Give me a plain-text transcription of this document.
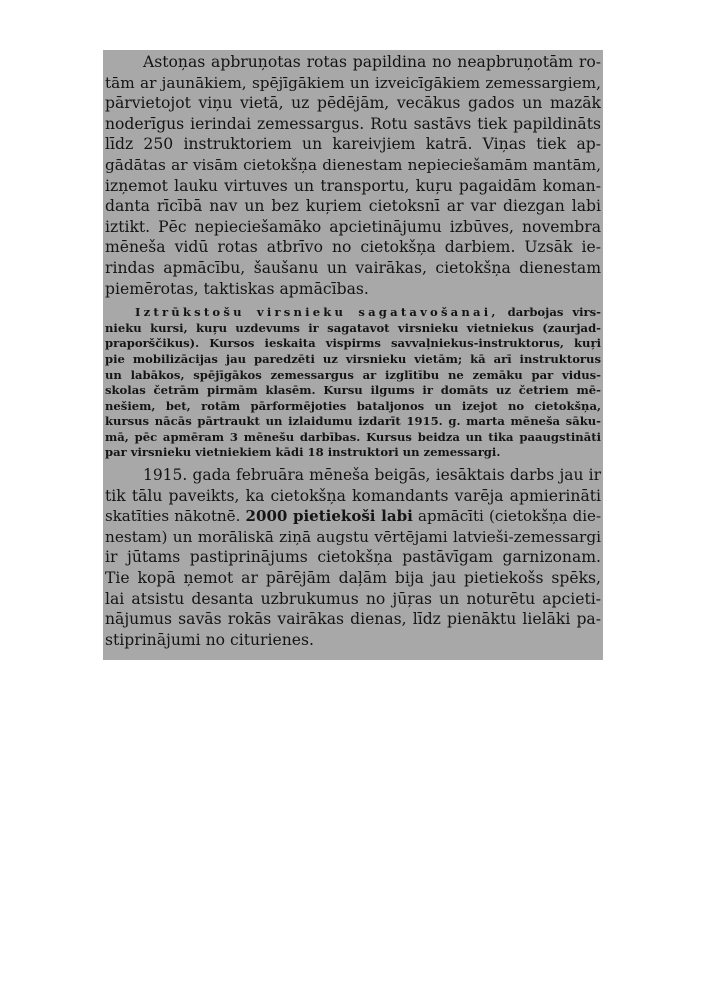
Astoņas apbruņotas rotas papildina no neapbruņotām ro-
tām ar jaunākiem, spējīgākiem un izveicīgākiem zemessargiem,
pārvietojot viņu vietā, uz pēdējām, vecākus gados un mazāk
noderīgus ierindai zemessargus. Rotu sastāvs tiek papildināts
līdz 250 instruktoriem un kareivjiem katrā. Viņas tiek ap-
gādātas ar visām cietokšņa dienestam nepieciešamām mantām,
izņemot lauku virtuves un transportu, kuŗu pagaidām koman-
danta rīcībā nav un bez kuŗiem cietoksnī ar var diezgan labi
iztikt. Pēc nepieciešamāko apcietinājumu izbūves, novembra
mēneša vidū rotas atbrīvo no cietokšņa darbiem. Uzsāk ie-
rindas apmācību, šaušanu un vairākas, cietokšņa dienestam
piemērotas, taktiskas apmācības.
Iztrūkstošu virsnieku sagatavošanai, darbojas virs-
nieku kursi, kuŗu uzdevums ir sagatavot virsnieku vietniekus (zaurjad-
praporščikus). Kursos ieskaita vispirms savvaļniekus-instruktorus, kuŗi
pie mobilizācijas jau paredzēti uz virsnieku vietām; kā arī instruktorus
un labākos, spējīgākos zemessargus ar izglītību ne zemāku par vidus-
skolas četrām pirmām klasēm. Kursu ilgums ir domāts uz četriem mē-
nešiem, bet, rotām pārformējoties bataljonos un izejot no cietokšņa,
kursus nācās pārtraukt un izlaidumu izdarīt 1915. g. marta mēneša sāku-
mā, pēc apmēram 3 mēnešu darbības. Kursus beidza un tika paaugstināti
par virsnieku vietniekiem kādi 18 instruktori un zemessargi.
1915. gada februāra mēneša beigās, iesāktais darbs jau ir
tik tālu paveikts, ka cietokšņa komandants varēja apmierināti
skatīties nākotnē. 2000 pietiekoši labi apmācīti (cietokšņa die-
nestam) un morāliskā ziņā augstu vērtējami latvieši-zemessargi
ir jūtams pastiprinājums cietokšņa pastāvīgam garnizonam.
Tie kopā ņemot ar pārējām daļām bija jau pietiekošs spēks,
lai atsistu desanta uzbrukumus no jūŗas un noturētu apcieti-
nājumus savās rokās vairākas dienas, līdz pienāktu lielāki pa-
stiprinājumi no citurienes.
